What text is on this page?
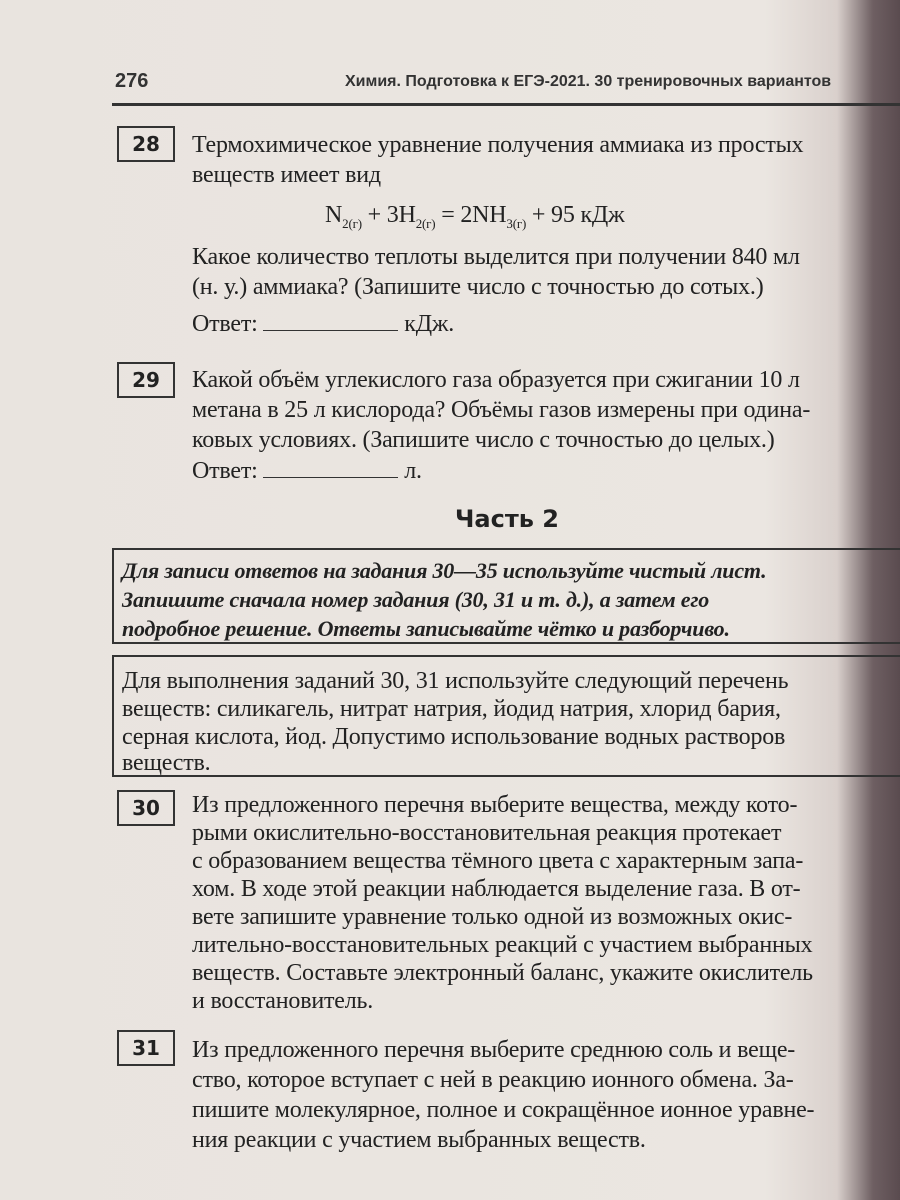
276	Химия. Подготовка к ЕГЭ-2021. 30 тренировочных вариантов
28	Термохимическое уравнение получения аммиака из простых
веществ имеет вид
$N_{2(г)} + 3H_{2(г)} = 2NH_{3(г)} + 95$ кДж
Какое количество теплоты выделится при получении 840 мл
(н. у.) аммиака? (Запишите число с точностью до сотых.)
Ответ:	кДж.
29	Какой объём углекислого газа образуется при сжигании 10 л
метана в 25 л кислорода? Объёмы газов измерены при одина-
ковых условиях. (Запишите число с точностью до целых.)
Ответ:	л.
Часть 2
Для записи ответов на задания 30—35 используйте чистый лист.
Запишите сначала номер задания (30, 31 и т. д.), а затем его
подробное решение. Ответы записывайте чётко и разборчиво.
Для выполнения заданий 30, 31 используйте следующий перечень
веществ: силикагель, нитрат натрия, йодид натрия, хлорид бария,
серная кислота, йод. Допустимо использование водных растворов
веществ.
30	Из предложенного перечня выберите вещества, между кото-
рыми окислительно-восстановительная реакция протекает
с образованием вещества тёмного цвета с характерным запа-
хом. В ходе этой реакции наблюдается выделение газа. В от-
вете запишите уравнение только одной из возможных окис-
лительно-восстановительных реакций с участием выбранных
веществ. Составьте электронный баланс, укажите окислитель
и восстановитель.
31	Из предложенного перечня выберите среднюю соль и веще-
ство, которое вступает с ней в реакцию ионного обмена. За-
пишите молекулярное, полное и сокращённое ионное уравне-
ния реакции с участием выбранных веществ.
